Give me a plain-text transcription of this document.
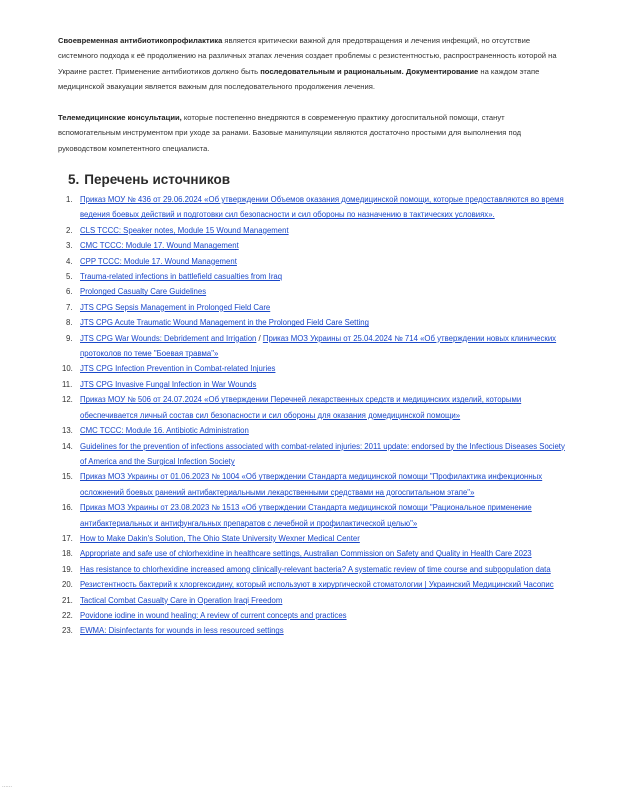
Своевременная антибиотикопрофилактика является критически важной для предотвращения и лечения инфекций, но отсутствие системного подхода к её продолжению на различных этапах лечения создает проблемы с резистентностью, распространенность которой на Украине растет. Применение антибиотиков должно быть последовательным и рациональным. Документирование на каждом этапе медицинской эвакуации является важным для последовательного продолжения лечения.

Телемедицинские консультации, которые постепенно внедряются в современную практику догоспитальной помощи, станут вспомогательным инструментом при уходе за ранами. Базовые манипуляции являются достаточно простыми для выполнения под руководством компетентного специалиста.

5. Перечень источников
1. Приказ МОУ № 436 от 29.06.2024 «Об утверждении Объемов оказания домедицинской помощи, которые предоставляются во время ведения боевых действий и подготовки сил безопасности и сил обороны по назначению в тактических условиях».
2. CLS TCCC: Speaker notes, Module 15 Wound Management
3. CMC TCCC: Module 17. Wound Management
4. CPP TCCC: Module 17. Wound Management
5. Trauma-related infections in battlefield casualties from Iraq
6. Prolonged Casualty Care Guidelines
7. JTS CPG Sepsis Management in Prolonged Field Care
8. JTS CPG Acute Traumatic Wound Management in the Prolonged Field Care Setting
9. JTS CPG War Wounds: Debridement and Irrigation / Приказ МОЗ Украины от 25.04.2024 № 714 «Об утверждении новых клинических протоколов по теме "Боевая травма"»
10. JTS CPG Infection Prevention in Combat-related Injuries
11. JTS CPG Invasive Fungal Infection in War Wounds
12. Приказ МОУ № 506 от 24.07.2024 «Об утверждении Перечней лекарственных средств и медицинских изделий, которыми обеспечивается личный состав сил безопасности и сил обороны для оказания домедицинской помощи»
13. CMC TCCC: Module 16. Antibiotic Administration
14. Guidelines for the prevention of infections associated with combat-related injuries: 2011 update: endorsed by the Infectious Diseases Society of America and the Surgical Infection Society
15. Приказ МОЗ Украины от 01.06.2023 № 1004 «Об утверждении Стандарта медицинской помощи "Профилактика инфекционных осложнений боевых ранений антибактериальными лекарственными средствами на догоспитальном этапе"»
16. Приказ МОЗ Украины от 23.08.2023 № 1513 «Об утверждении Стандарта медицинской помощи "Рациональное применение антибактериальных и антифунгальных препаратов с лечебной и профилактической целью"»
17. How to Make Dakin's Solution, The Ohio State University Wexner Medical Center
18. Appropriate and safe use of chlorhexidine in healthcare settings, Australian Commission on Safety and Quality in Health Care 2023
19. Has resistance to chlorhexidine increased among clinically-relevant bacteria? A systematic review of time course and subpopulation data
20. Резистентность бактерий к хлоргексидину, который используют в хирургической стоматологии | Украинский Медицинский Часопис
21. Tactical Combat Casualty Care in Operation Iraqi Freedom
22. Povidone iodine in wound healing: A review of current concepts and practices
23. EWMA: Disinfectants for wounds in less resourced settings
......
